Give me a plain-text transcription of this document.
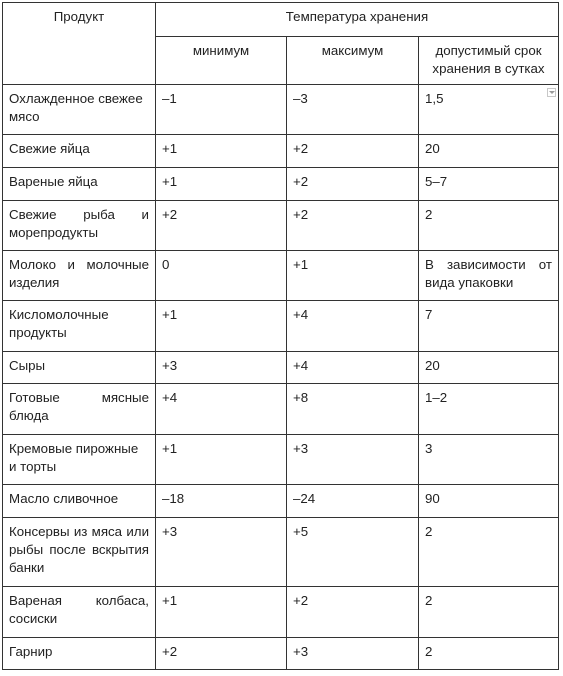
Продукт	Температура хранения		
	минимум	максимум	допустимый срок хранения в сутках
Охлажденное свежее мясо	–1	–3	1,5

Свежие яйца	+1	+2	20
Вареные яйца	+1	+2	5–7
Свежие рыба и морепродукты	+2	+2	2
Молоко и молочные изделия	0	+1	В зависимости от вида упаковки
Кисломолочные продукты	+1	+4	7
Сыры	+3	+4	20
Готовые мясные блюда	+4	+8	1–2
Кремовые пирожные и торты	+1	+3	3
Масло сливочное	–18	–24	90
Консервы из мяса или рыбы после вскрытия банки	+3	+5	2
Вареная колбаса, сосиски	+1	+2	2
Гарнир	+2	+3	2
